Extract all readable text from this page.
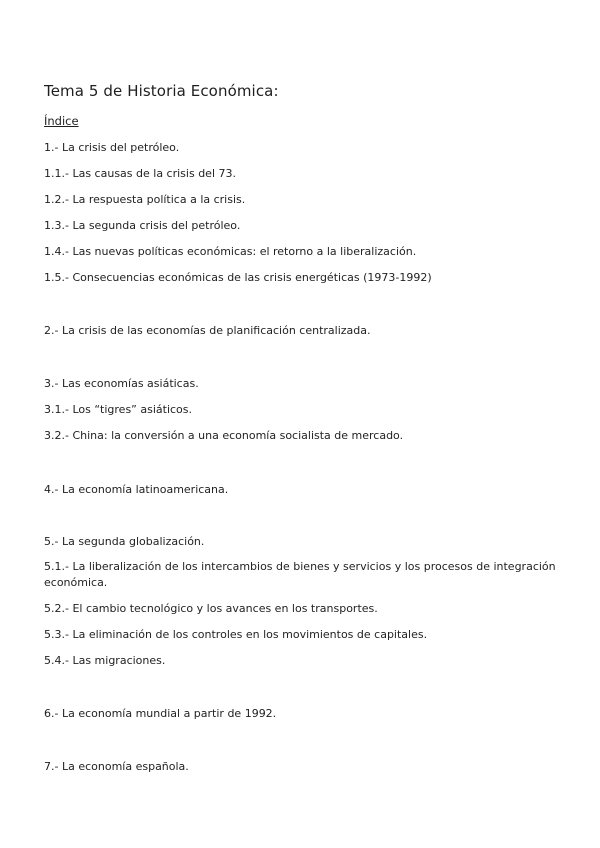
Tema 5 de Historia Económica:
Índice
1.- La crisis del petróleo.
1.1.- Las causas de la crisis del 73.
1.2.- La respuesta política a la crisis.
1.3.- La segunda crisis del petróleo.
1.4.- Las nuevas políticas económicas: el retorno a la liberalización.
1.5.- Consecuencias económicas de las crisis energéticas (1973-1992)
2.- La crisis de las economías de planificación centralizada.
3.- Las economías asiáticas.
3.1.- Los “tigres” asiáticos.
3.2.- China: la conversión a una economía socialista de mercado.
4.- La economía latinoamericana.
5.- La segunda globalización.
5.1.- La liberalización de los intercambios de bienes y servicios y los procesos de integración económica.
5.2.- El cambio tecnológico y los avances en los transportes.
5.3.- La eliminación de los controles en los movimientos de capitales.
5.4.- Las migraciones.
6.- La economía mundial a partir de 1992.
7.- La economía española.
